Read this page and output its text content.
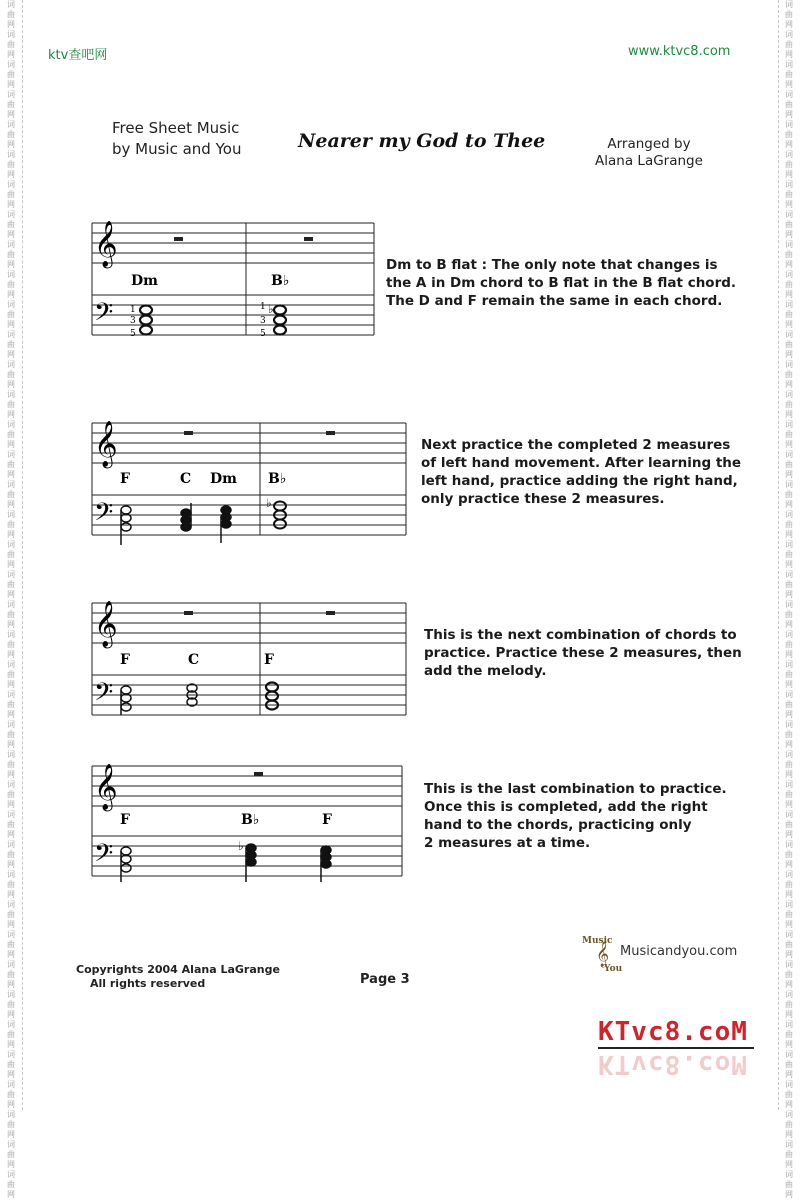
词曲网词曲网词曲网词曲网词曲网词曲网词曲网词曲网词曲网词曲网词曲网词曲网词曲网词曲网词曲网词曲网词曲网词曲网词曲网词曲网词曲网词曲网词曲网词曲网词曲网词曲网词曲网词曲网词曲网词曲网词曲网词曲网词曲网词曲网词曲网词曲网词曲网词曲网词曲网词曲网
词曲网词曲网词曲网词曲网词曲网词曲网词曲网词曲网词曲网词曲网词曲网词曲网词曲网词曲网词曲网词曲网词曲网词曲网词曲网词曲网词曲网词曲网词曲网词曲网词曲网词曲网词曲网词曲网词曲网词曲网词曲网词曲网词曲网词曲网词曲网词曲网词曲网词曲网词曲网词曲网
ktv查吧网	www.ktvc8.com
Free Sheet Music
by Music and You	Nearer my God to Thee	Arranged by
Alana LaGrange
𝄞
𝄢
Dm	B♭
1
3
5
1
3
5
♭
Dm to B flat : The only note that changes is
the A in Dm chord to B flat in the B flat chord.
The D and F remain the same in each chord.
𝄞
𝄢
F	C Dm B♭
♭
Next practice the completed 2 measures
of left hand movement. After learning the
left hand, practice adding the right hand,
only practice these 2 measures.
𝄞
𝄢
F	C	F
This is the next combination of chords to
practice. Practice these 2 measures, then
add the melody.
𝄞
𝄢
F	B♭	F
♭
This is the last combination to practice.
Once this is completed, add the right
hand to the chords, practicing only
2 measures at a time.
Copyrights 2004 Alana LaGrange
All rights reserved	Page 3
Music
𝄞
You
Musicandyou.com
KTvc8.coM
KTvc8.coM
